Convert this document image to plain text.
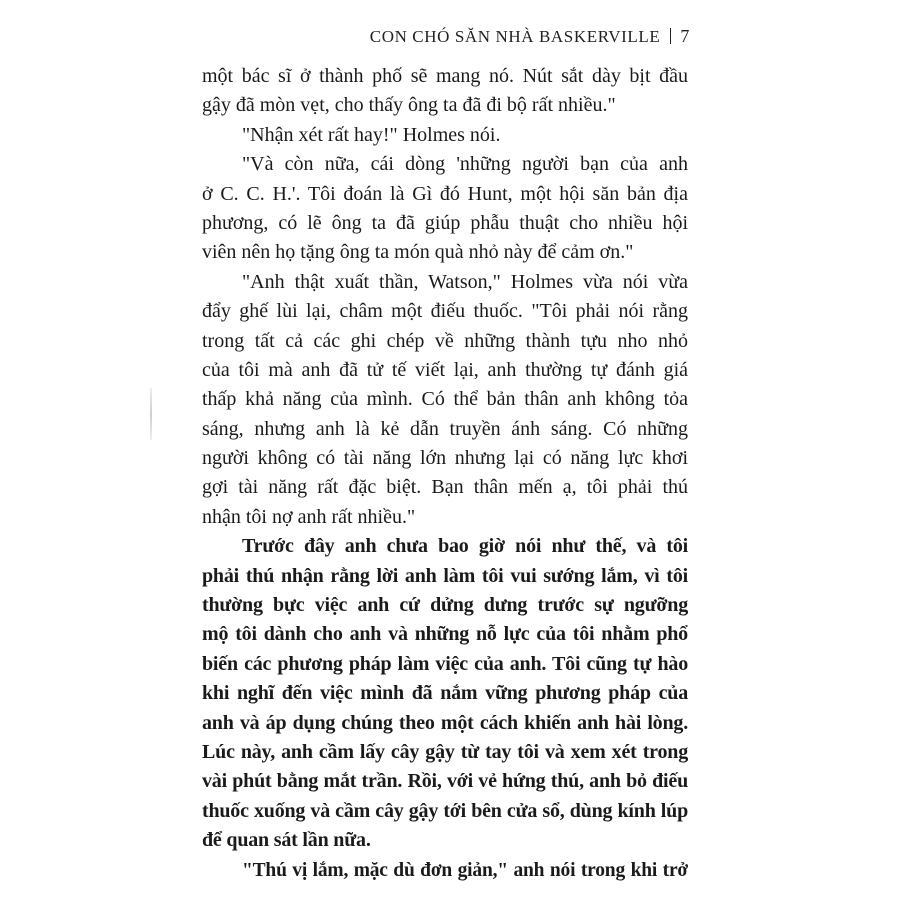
CON CHÓ SĂN NHÀ BASKERVILLE 7
một bác sĩ ở thành phố sẽ mang nó. Nút sắt dày bịt đầu
gậy đã mòn vẹt, cho thấy ông ta đã đi bộ rất nhiều."
"Nhận xét rất hay!" Holmes nói.
"Và còn nữa, cái dòng 'những người bạn của anh
ở C. C. H.'. Tôi đoán là Gì đó Hunt, một hội săn bản địa
phương, có lẽ ông ta đã giúp phẫu thuật cho nhiều hội
viên nên họ tặng ông ta món quà nhỏ này để cảm ơn."
"Anh thật xuất thần, Watson," Holmes vừa nói vừa
đẩy ghế lùi lại, châm một điếu thuốc. "Tôi phải nói rằng
trong tất cả các ghi chép về những thành tựu nho nhỏ
của tôi mà anh đã tử tế viết lại, anh thường tự đánh giá
thấp khả năng của mình. Có thể bản thân anh không tỏa
sáng, nhưng anh là kẻ dẫn truyền ánh sáng. Có những
người không có tài năng lớn nhưng lại có năng lực khơi
gợi tài năng rất đặc biệt. Bạn thân mến ạ, tôi phải thú
nhận tôi nợ anh rất nhiều."
Trước đây anh chưa bao giờ nói như thế, và tôi
phải thú nhận rằng lời anh làm tôi vui sướng lắm, vì tôi
thường bực việc anh cứ dửng dưng trước sự ngưỡng
mộ tôi dành cho anh và những nỗ lực của tôi nhằm phổ
biến các phương pháp làm việc của anh. Tôi cũng tự hào
khi nghĩ đến việc mình đã nắm vững phương pháp của
anh và áp dụng chúng theo một cách khiến anh hài lòng.
Lúc này, anh cầm lấy cây gậy từ tay tôi và xem xét trong
vài phút bằng mắt trần. Rồi, với vẻ hứng thú, anh bỏ điếu
thuốc xuống và cầm cây gậy tới bên cửa sổ, dùng kính lúp
để quan sát lần nữa.
"Thú vị lắm, mặc dù đơn giản," anh nói trong khi trở
